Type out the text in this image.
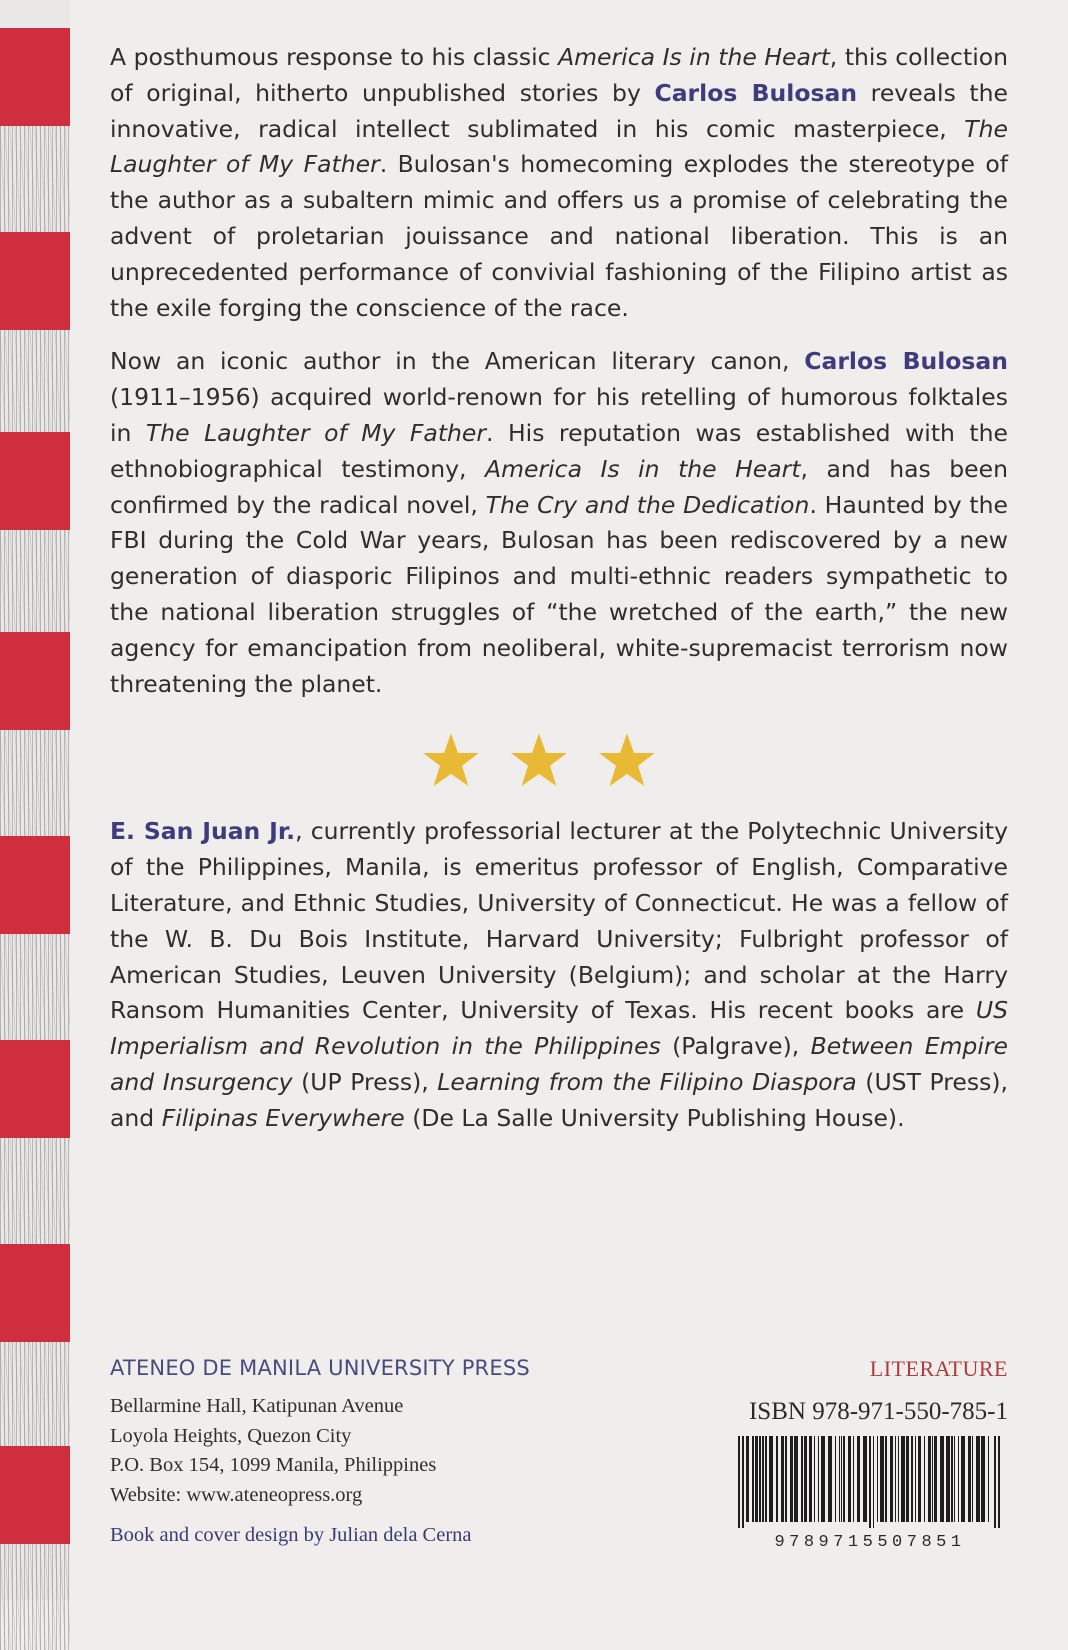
A posthumous response to his classic America Is in the Heart, this collection of original, hitherto unpublished stories by Carlos Bulosan reveals the innovative, radical intellect sublimated in his comic masterpiece, The Laughter of My Father. Bulosan's homecoming explodes the stereotype of the author as a subaltern mimic and offers us a promise of celebrating the advent of proletarian jouissance and national liberation. This is an unprecedented performance of convivial fashioning of the Filipino artist as the exile forging the conscience of the race.

Now an iconic author in the American literary canon, Carlos Bulosan (1911–1956) acquired world-renown for his retelling of humorous folktales in The Laughter of My Father. His reputation was established with the ethnobiographical testimony, America Is in the Heart, and has been confirmed by the radical novel, The Cry and the Dedication. Haunted by the FBI during the Cold War years, Bulosan has been rediscovered by a new generation of diasporic Filipinos and multi-ethnic readers sympathetic to the national liberation struggles of “the wretched of the earth,” the new agency for emancipation from neoliberal, white-supremacist terrorism now threatening the planet.

E. San Juan Jr., currently professorial lecturer at the Polytechnic University of the Philippines, Manila, is emeritus professor of English, Comparative Literature, and Ethnic Studies, University of Connecticut. He was a fellow of the W. B. Du Bois Institute, Harvard University; Fulbright professor of American Studies, Leuven University (Belgium); and scholar at the Harry Ransom Humanities Center, University of Texas. His recent books are US Imperialism and Revolution in the Philippines (Palgrave), Between Empire and Insurgency (UP Press), Learning from the Filipino Diaspora (UST Press), and Filipinas Everywhere (De La Salle University Publishing House).

ATENEO DE MANILA UNIVERSITY PRESS
Bellarmine Hall, Katipunan Avenue
Loyola Heights, Quezon City
P.O. Box 154, 1099 Manila, Philippines
Website: www.ateneopress.org
Book and cover design by Julian dela Cerna
LITERATURE
ISBN 978-971-550-785-1
9789715507851
